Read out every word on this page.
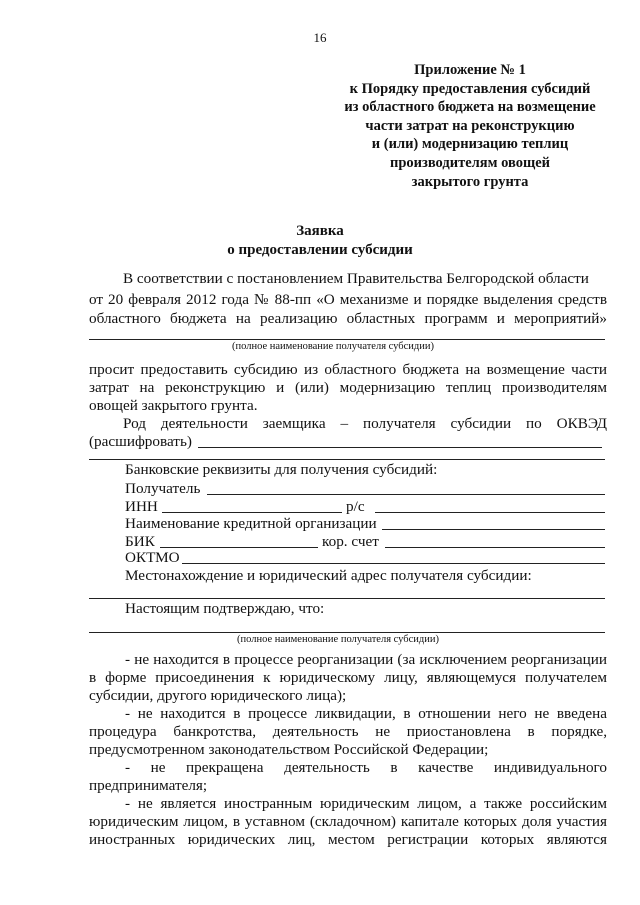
16
Приложение № 1
к Порядку предоставления субсидий
из областного бюджета на возмещение
части затрат на реконструкцию
и (или) модернизацию теплиц
производителям овощей
закрытого грунта
Заявка
о предоставлении субсидии
В соответствии с постановлением Правительства Белгородской области
от 20 февраля 2012 года № 88-пп «О механизме и порядке выделения средств
областного бюджета на реализацию областных программ и мероприятий»
(полное наименование получателя субсидии)
просит предоставить субсидию из областного бюджета на возмещение части
затрат на реконструкцию и (или) модернизацию теплиц производителям
овощей закрытого грунта.
Род деятельности заемщика – получателя субсидии по ОКВЭД
(расшифровать)
Банковские реквизиты для получения субсидий:
Получатель
ИНН	р/с
Наименование кредитной организации
БИК	кор. счет
ОКТМО
Местонахождение и юридический адрес получателя субсидии:
Настоящим подтверждаю, что:
(полное наименование получателя субсидии)
- не находится в процессе реорганизации (за исключением реорганизации
в форме присоединения к юридическому лицу, являющемуся получателем
субсидии, другого юридического лица);
- не находится в процессе ликвидации, в отношении него не введена
процедура банкротства, деятельность не приостановлена в порядке,
предусмотренном законодательством Российской Федерации;
- не прекращена деятельность в качестве индивидуального
предпринимателя;
- не является иностранным юридическим лицом, а также российским
юридическим лицом, в уставном (складочном) капитале которых доля участия
иностранных юридических лиц, местом регистрации которых являются
